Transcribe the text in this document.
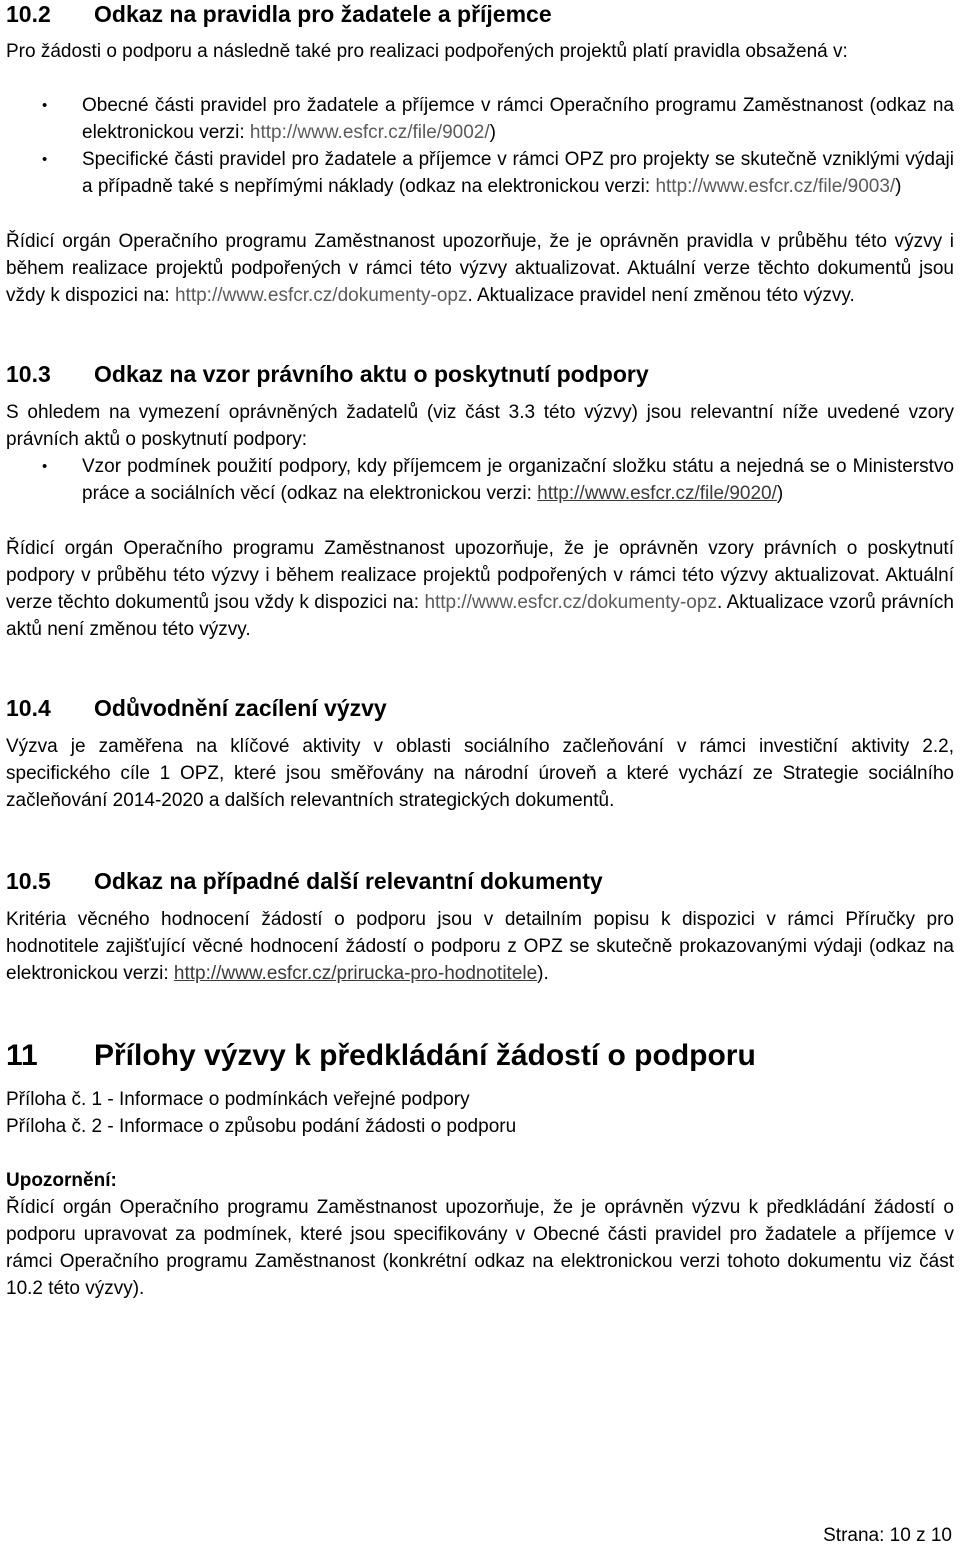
10.2 Odkaz na pravidla pro žadatele a příjemce

Pro žádosti o podporu a následně také pro realizaci podpořených projektů platí pravidla obsažená v:

• Obecné části pravidel pro žadatele a příjemce v rámci Operačního programu Zaměstnanost (odkaz na elektronickou verzi: http://www.esfcr.cz/file/9002/)

• Specifické části pravidel pro žadatele a příjemce v rámci OPZ pro projekty se skutečně vzniklými výdaji a případně také s nepřímými náklady (odkaz na elektronickou verzi: http://www.esfcr.cz/file/9003/)

Řídicí orgán Operačního programu Zaměstnanost upozorňuje, že je oprávněn pravidla v průběhu této výzvy i během realizace projektů podpořených v rámci této výzvy aktualizovat. Aktuální verze těchto dokumentů jsou vždy k dispozici na: http://www.esfcr.cz/dokumenty-opz. Aktualizace pravidel není změnou této výzvy.

10.3 Odkaz na vzor právního aktu o poskytnutí podpory

S ohledem na vymezení oprávněných žadatelů (viz část 3.3 této výzvy) jsou relevantní níže uvedené vzory právních aktů o poskytnutí podpory:

• Vzor podmínek použití podpory, kdy příjemcem je organizační složku státu a nejedná se o Ministerstvo práce a sociálních věcí (odkaz na elektronickou verzi: http://www.esfcr.cz/file/9020/)

Řídicí orgán Operačního programu Zaměstnanost upozorňuje, že je oprávněn vzory právních o poskytnutí podpory v průběhu této výzvy i během realizace projektů podpořených v rámci této výzvy aktualizovat. Aktuální verze těchto dokumentů jsou vždy k dispozici na: http://www.esfcr.cz/dokumenty-opz. Aktualizace vzorů právních aktů není změnou této výzvy.

10.4 Odůvodnění zacílení výzvy

Výzva je zaměřena na klíčové aktivity v oblasti sociálního začleňování v rámci investiční aktivity 2.2, specifického cíle 1 OPZ, které jsou směřovány na národní úroveň a které vychází ze Strategie sociálního začleňování 2014-2020 a dalších relevantních strategických dokumentů.

10.5 Odkaz na případné další relevantní dokumenty

Kritéria věcného hodnocení žádostí o podporu jsou v detailním popisu k dispozici v rámci Příručky pro hodnotitele zajišťující věcné hodnocení žádostí o podporu z OPZ se skutečně prokazovanými výdaji (odkaz na elektronickou verzi: http://www.esfcr.cz/prirucka-pro-hodnotitele).

11 Přílohy výzvy k předkládání žádostí o podporu
Příloha č. 1 - Informace o podmínkách veřejné podpory
Příloha č. 2 - Informace o způsobu podání žádosti o podporu
Upozornění:

Řídicí orgán Operačního programu Zaměstnanost upozorňuje, že je oprávněn výzvu k předkládání žádostí o podporu upravovat za podmínek, které jsou specifikovány v Obecné části pravidel pro žadatele a příjemce v rámci Operačního programu Zaměstnanost (konkrétní odkaz na elektronickou verzi tohoto dokumentu viz část 10.2 této výzvy).

Strana: 10 z 10
